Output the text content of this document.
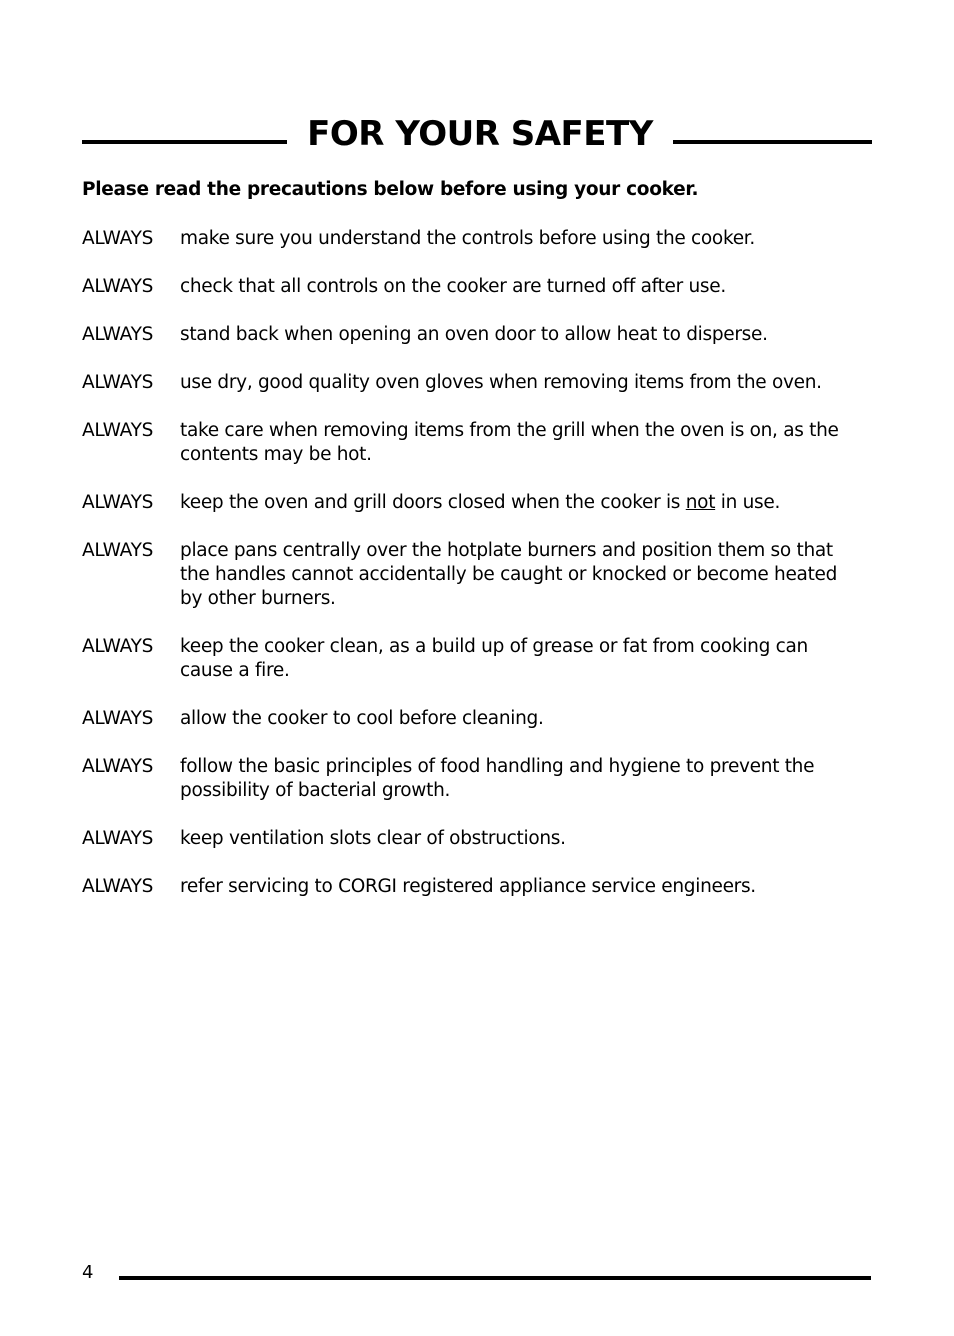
FOR YOUR SAFETY

Please read the precautions below before using your cooker.

ALWAYS	make sure you understand the controls before using the cooker.
ALWAYS	check that all controls on the cooker are turned off after use.
ALWAYS	stand back when opening an oven door to allow heat to disperse.
ALWAYS	use dry, good quality oven gloves when removing items from the oven.
ALWAYS	take care when removing items from the grill when the oven is on, as the contents may be hot.
ALWAYS	keep the oven and grill doors closed when the cooker is not in use.
ALWAYS	place pans centrally over the hotplate burners and position them so that the handles cannot accidentally be caught or knocked or become heated by other burners.
ALWAYS	keep the cooker clean, as a build up of grease or fat from cooking can cause a fire.
ALWAYS	allow the cooker to cool before cleaning.
ALWAYS	follow the basic principles of food handling and hygiene to prevent the possibility of bacterial growth.
ALWAYS	keep ventilation slots clear of obstructions.
ALWAYS	refer servicing to CORGI registered appliance service engineers.
4
